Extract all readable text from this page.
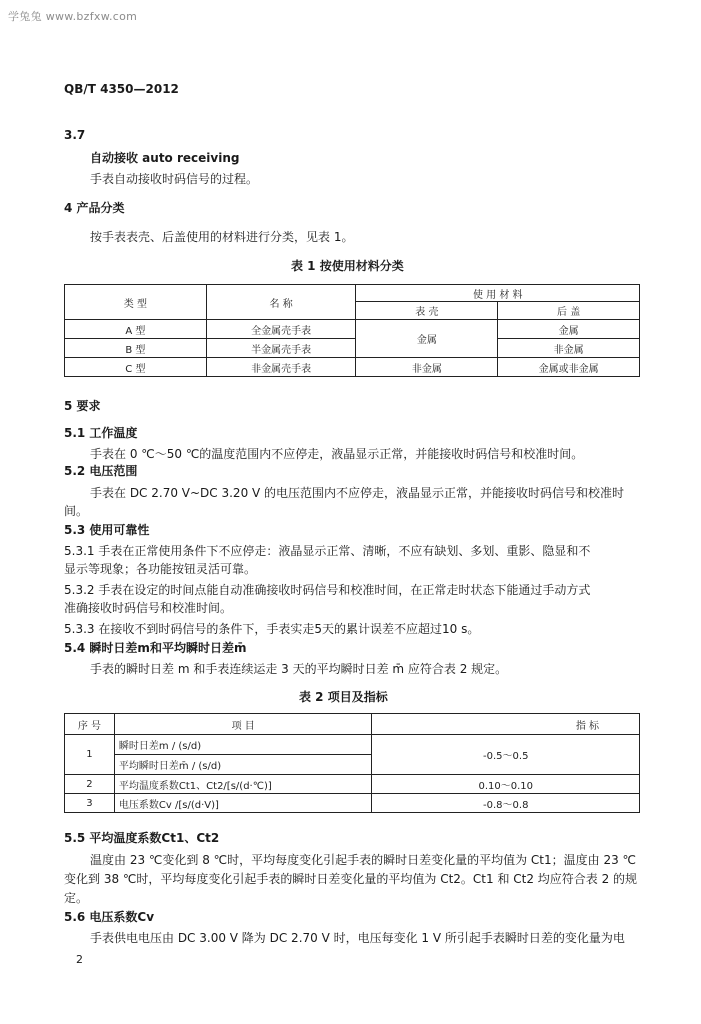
学兔兔 www.bzfxw.com
QB/T 4350—2012
3.7
自动接收 auto receiving
手表自动接收时码信号的过程。
4 产品分类
按手表表壳、后盖使用的材料进行分类，见表 1。
表 1 按使用材料分类
类 型	名 称	使 用 材 料	
		表 壳	后 盖
A 型	全金属壳手表	金属	金属
B 型	半金属壳手表		非金属
C 型	非金属壳手表	非金属	金属或非金属
5 要求
5.1 工作温度
手表在 0 ℃～50 ℃的温度范围内不应停走，液晶显示正常，并能接收时码信号和校准时间。
5.2 电压范围
手表在 DC 2.70 V~DC 3.20 V 的电压范围内不应停走，液晶显示正常，并能接收时码信号和校准时
间。
5.3 使用可靠性
5.3.1 手表在正常使用条件下不应停走：液晶显示正常、清晰，不应有缺划、多划、重影、隐显和不
显示等现象；各功能按钮灵活可靠。
5.3.2 手表在设定的时间点能自动准确接收时码信号和校准时间，在正常走时状态下能通过手动方式
准确接收时码信号和校准时间。
5.3.3 在接收不到时码信号的条件下，手表实走5天的累计误差不应超过10 s。
5.4 瞬时日差m和平均瞬时日差m̄
手表的瞬时日差 m 和手表连续运走 3 天的平均瞬时日差 m̄ 应符合表 2 规定。
表 2 项目及指标
序 号	项 目	指 标
1	瞬时日差m / (s/d)	-0.5～0.5
	平均瞬时日差m̄ / (s/d)	
2	平均温度系数Ct1、Ct2/[s/(d·℃)]	0.10～0.10
3	电压系数Cv /[s/(d·V)]	-0.8～0.8
5.5 平均温度系数Ct1、Ct2
温度由 23 ℃变化到 8 ℃时，平均每度变化引起手表的瞬时日差变化量的平均值为 Ct1；温度由 23 ℃
变化到 38 ℃时，平均每度变化引起手表的瞬时日差变化量的平均值为 Ct2。Ct1 和 Ct2 均应符合表 2 的规
定。
5.6 电压系数Cv
手表供电电压由 DC 3.00 V 降为 DC 2.70 V 时，电压每变化 1 V 所引起手表瞬时日差的变化量为电
2
